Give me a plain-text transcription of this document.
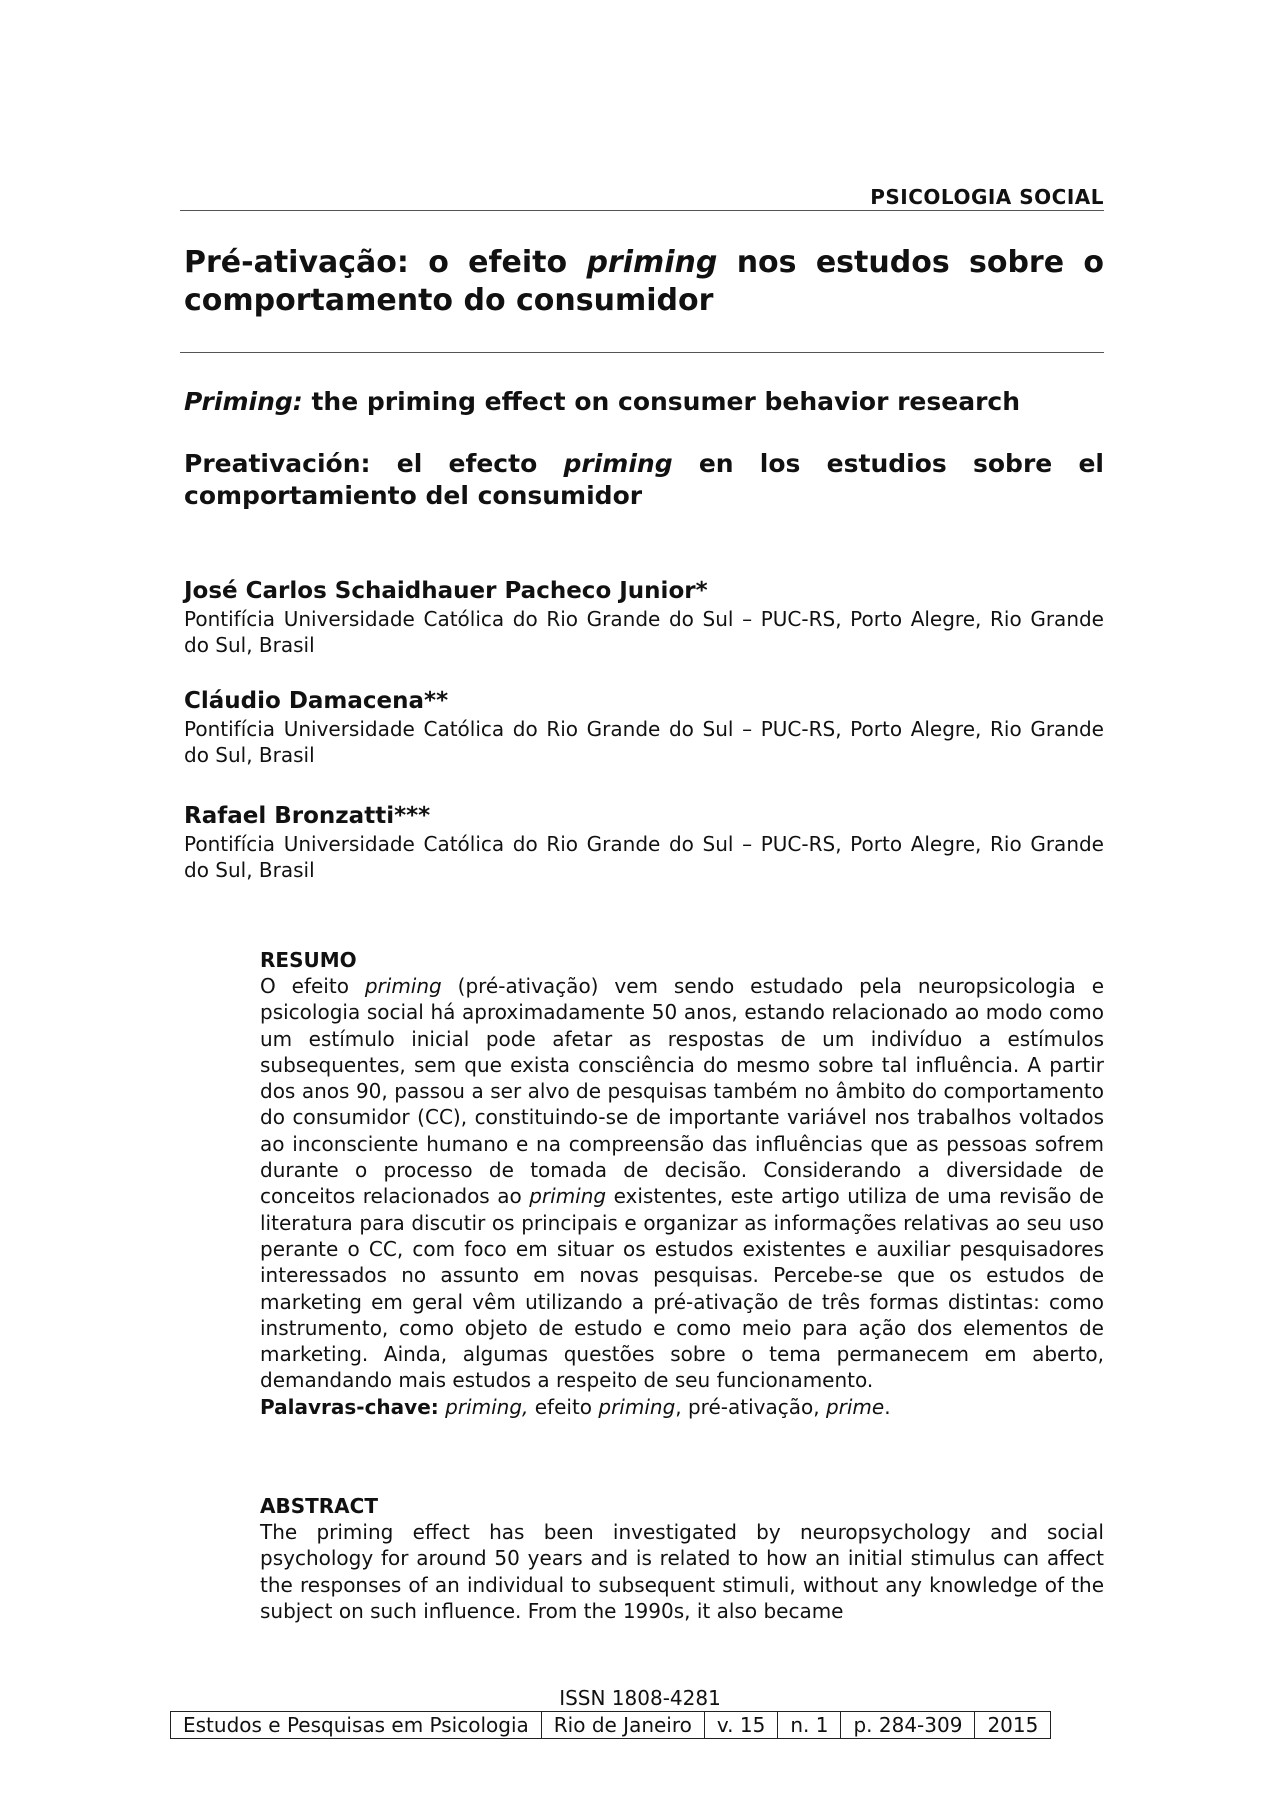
PSICOLOGIA SOCIAL
Pré-ativação: o efeito priming nos estudos sobre o comportamento do consumidor
Priming: the priming effect on consumer behavior research
Preativación: el efecto priming en los estudios sobre el comportamiento del consumidor
José Carlos Schaidhauer Pacheco Junior*
Pontifícia Universidade Católica do Rio Grande do Sul – PUC-RS, Porto Alegre, Rio Grande do Sul, Brasil
Cláudio Damacena**
Pontifícia Universidade Católica do Rio Grande do Sul – PUC-RS, Porto Alegre, Rio Grande do Sul, Brasil
Rafael Bronzatti***
Pontifícia Universidade Católica do Rio Grande do Sul – PUC-RS, Porto Alegre, Rio Grande do Sul, Brasil
RESUMO

O efeito priming (pré-ativação) vem sendo estudado pela neuropsicologia e psicologia social há aproximadamente 50 anos, estando relacionado ao modo como um estímulo inicial pode afetar as respostas de um indivíduo a estímulos subsequentes, sem que exista consciência do mesmo sobre tal influência. A partir dos anos 90, passou a ser alvo de pesquisas também no âmbito do comportamento do consumidor (CC), constituindo-se de importante variável nos trabalhos voltados ao inconsciente humano e na compreensão das influências que as pessoas sofrem durante o processo de tomada de decisão. Considerando a diversidade de conceitos relacionados ao priming existentes, este artigo utiliza de uma revisão de literatura para discutir os principais e organizar as informações relativas ao seu uso perante o CC, com foco em situar os estudos existentes e auxiliar pesquisadores interessados no assunto em novas pesquisas. Percebe-se que os estudos de marketing em geral vêm utilizando a pré-ativação de três formas distintas: como instrumento, como objeto de estudo e como meio para ação dos elementos de marketing. Ainda, algumas questões sobre o tema permanecem em aberto, demandando mais estudos a respeito de seu funcionamento.

Palavras-chave: priming, efeito priming, pré-ativação, prime.

ABSTRACT

The priming effect has been investigated by neuropsychology and social psychology for around 50 years and is related to how an initial stimulus can affect the responses of an individual to subsequent stimuli, without any knowledge of the subject on such influence. From the 1990s, it also became

ISSN 1808-4281
Estudos e Pesquisas em Psicologia	Rio de Janeiro	v. 15	n. 1	p. 284-309	2015
